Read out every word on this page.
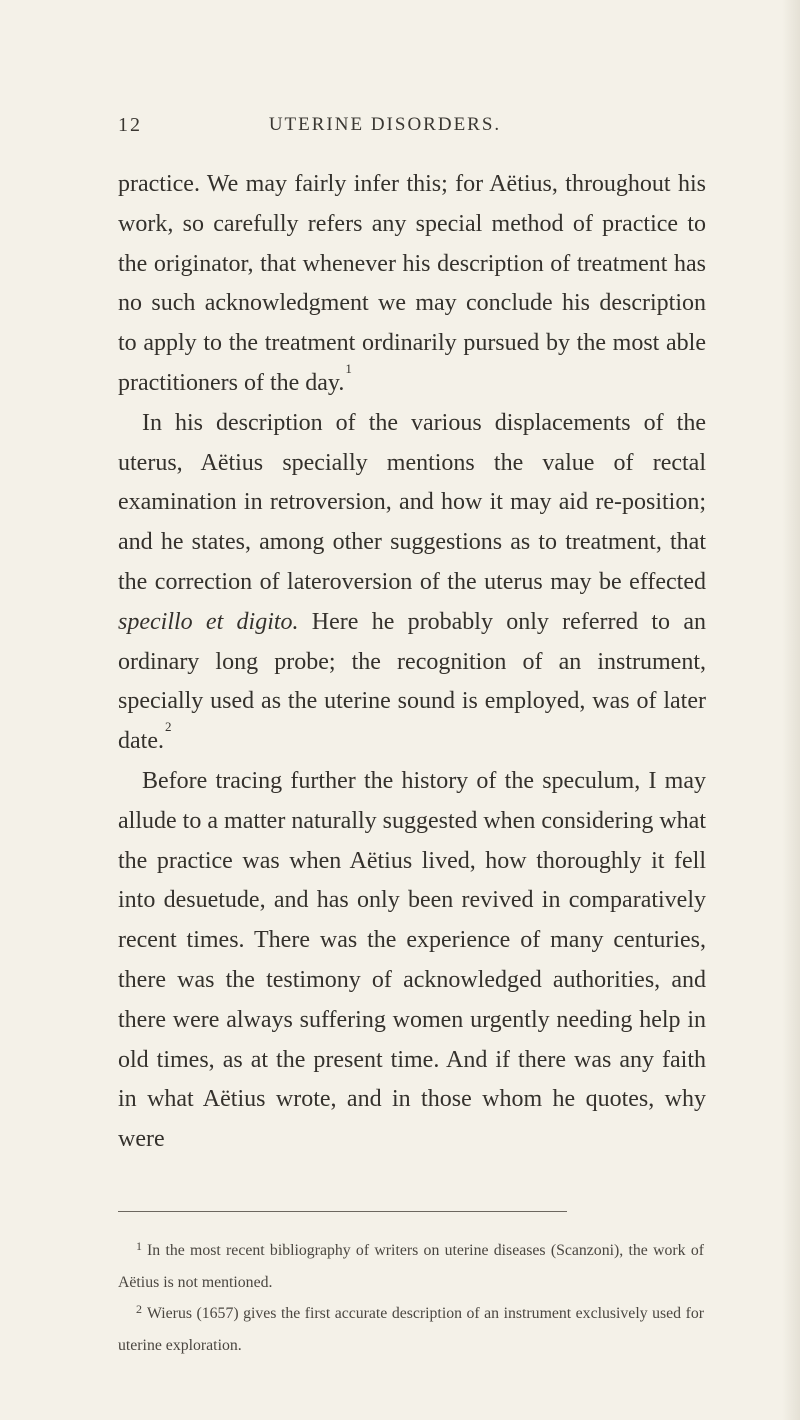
12	UTERINE DISORDERS.

practice. We may fairly infer this; for Aëtius, throughout his work, so carefully refers any special method of practice to the originator, that whenever his description of treatment has no such acknowledgment we may conclude his description to apply to the treatment ordinarily pursued by the most able practitioners of the day.$^1$

In his description of the various displacements of the uterus, Aëtius specially mentions the value of rectal examination in retroversion, and how it may aid re-position; and he states, among other suggestions as to treatment, that the correction of lateroversion of the uterus may be effected specillo et digito. Here he probably only referred to an ordinary long probe; the recognition of an instrument, specially used as the uterine sound is employed, was of later date.$^2$

Before tracing further the history of the speculum, I may allude to a matter naturally suggested when considering what the practice was when Aëtius lived, how thoroughly it fell into desuetude, and has only been revived in comparatively recent times. There was the experience of many centuries, there was the testimony of acknowledged authorities, and there were always suffering women urgently needing help in old times, as at the present time. And if there was any faith in what Aëtius wrote, and in those whom he quotes, why were

$^1$ In the most recent bibliography of writers on uterine diseases (Scanzoni), the work of Aëtius is not mentioned.

$^2$ Wierus (1657) gives the first accurate description of an instrument exclusively used for uterine exploration.
